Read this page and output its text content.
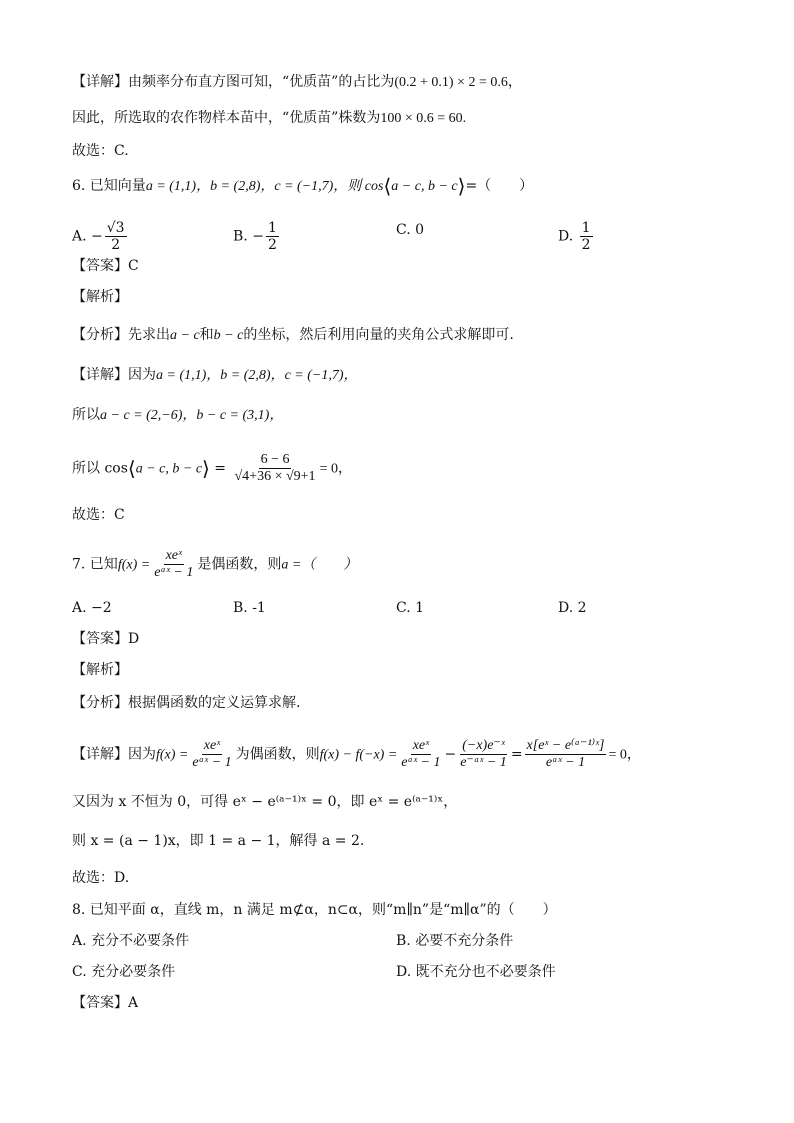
【详解】由频率分布直方图可知，“优质苗”的占比为(0.2 + 0.1) × 2 = 0.6，
因此，所选取的农作物样本苗中，“优质苗”株数为100 × 0.6 = 60.
故选：C.
6. 已知向量a = (1,1)，b = (2,8)，c = (−1,7)，则 cos⟨a − c, b − c⟩=（　　）
A. − $\frac{√3}{2}$	B. − $\frac{1}{2}$	C. 0	D. $\frac{1}{2}$
【答案】C
【解析】
【分析】先求出a − c和b − c的坐标，然后利用向量的夹角公式求解即可.
【详解】因为a = (1,1)，b = (2,8)，c = (−1,7)，
所以a − c = (2,−6)，b − c = (3,1)，
所以 cos⟨a − c, b − c⟩ = $\frac{6 - 6}{√4+36 \times √9+1} = 0$，
故选：C
7. 已知$f(x) = \frac{\text{xeˣ}}{\text{eᵃˣ − 1}}$ 是偶函数，则a =（　　）
A. −2	B. -1	C. 1	D. 2
【答案】D
【解析】
【分析】根据偶函数的定义运算求解.
【详解】因为$f(x) = \frac{\text{xeˣ}}{\text{eᵃˣ − 1}}$ 为偶函数，则$f(x) - f(-x) = \frac{\text{xeˣ}}{\text{eᵃˣ − 1}} - \frac{\text{(−x)e⁻ˣ}}{\text{e⁻ᵃˣ − 1}} = \frac{\text{x[eˣ − e⁽ᵃ⁻¹⁾ˣ]}}{\text{eᵃˣ − 1}} = 0$，
又因为 x 不恒为 0，可得 eˣ − e⁽ᵃ⁻¹⁾ˣ = 0，即 eˣ = e⁽ᵃ⁻¹⁾ˣ，
则 x = (a − 1)x，即 1 = a − 1，解得 a = 2.
故选：D.
8. 已知平面 α，直线 m，n 满足 m⊄α，n⊂α，则“m∥n”是“m∥α”的（　　）
A. 充分不必要条件	B. 必要不充分条件
C. 充分必要条件	D. 既不充分也不必要条件
【答案】A
